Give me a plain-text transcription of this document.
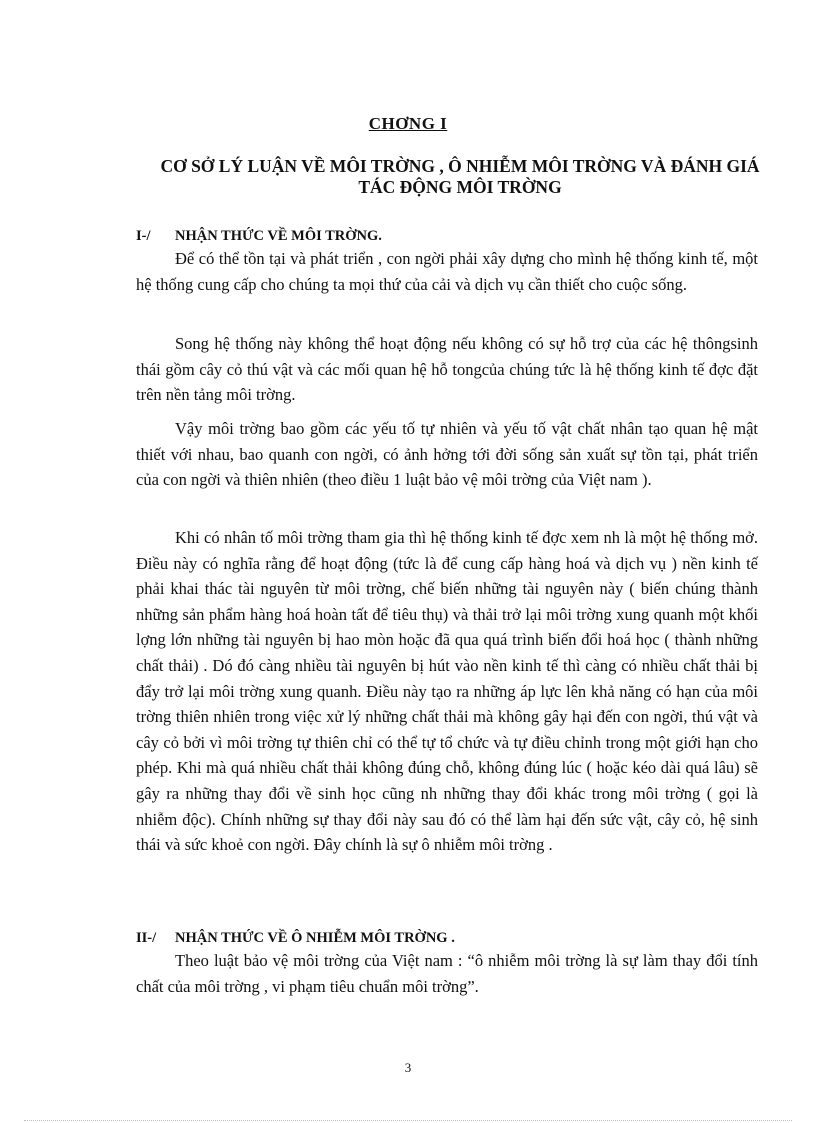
CHƠNG I
CƠ SỞ LÝ LUẬN VỀ MÔI TRỜNG , Ô NHIỄM MÔI TRỜNG VÀ ĐÁNH GIÁ TÁC ĐỘNG MÔI TRỜNG
I-/ NHẬN THỨC VỀ MÔI TRỜNG.

Để có thể tồn tại và phát triển , con ngời phải xây dựng cho mình hệ thống kinh tế, một hệ thống cung cấp cho chúng ta mọi thứ của cải và dịch vụ cần thiết cho cuộc sống.

Song hệ thống này không thể hoạt động nếu không có sự hỗ trợ của các hệ thôngsinh thái gồm cây cỏ thú vật và các mối quan hệ hỗ tongcủa chúng tức là hệ thống kinh tế đợc đặt trên nền tảng môi trờng.

Vậy môi trờng bao gồm các yếu tố tự nhiên và yếu tố vật chất nhân tạo quan hệ mật thiết với nhau, bao quanh con ngời, có ảnh hởng tới đời sống sản xuất sự tồn tại, phát triển của con ngời và thiên nhiên (theo điều 1 luật bảo vệ môi trờng của Việt nam ).

Khi có nhân tố môi trờng tham gia thì hệ thống kinh tế đợc xem nh là một hệ thống mở. Điều này có nghĩa rằng để hoạt động (tức là để cung cấp hàng hoá và dịch vụ ) nền kinh tế phải khai thác tài nguyên từ môi trờng, chế biến những tài nguyên này ( biến chúng thành những sản phẩm hàng hoá hoàn tất để tiêu thụ) và thải trở lại môi trờng xung quanh một khối lợng lớn những tài nguyên bị hao mòn hoặc đã qua quá trình biến đổi hoá học ( thành những chất thải) . Dó đó càng nhiều tài nguyên bị hút vào nền kinh tế thì càng có nhiều chất thải bị đẩy trở lại môi trờng xung quanh. Điều này tạo ra những áp lực lên khả năng có hạn của môi trờng thiên nhiên trong việc xử lý những chất thải mà không gây hại đến con ngời, thú vật và cây cỏ bởi vì môi trờng tự thiên chỉ có thể tự tổ chức và tự điều chỉnh trong một giới hạn cho phép. Khi mà quá nhiều chất thải không đúng chỗ, không đúng lúc ( hoặc kéo dài quá lâu) sẽ gây ra những thay đổi về sinh học cũng nh những thay đổi khác trong môi trờng ( gọi là nhiễm độc). Chính những sự thay đổi này sau đó có thể làm hại đến sức vật, cây cỏ, hệ sinh thái và sức khoẻ con ngời. Đây chính là sự ô nhiễm môi trờng .

II-/ NHẬN THỨC VỀ Ô NHIỄM MÔI TRỜNG .

Theo luật bảo vệ môi trờng của Việt nam : “ô nhiễm môi trờng là sự làm thay đổi tính chất của môi trờng , vi phạm tiêu chuẩn môi trờng”.

3
